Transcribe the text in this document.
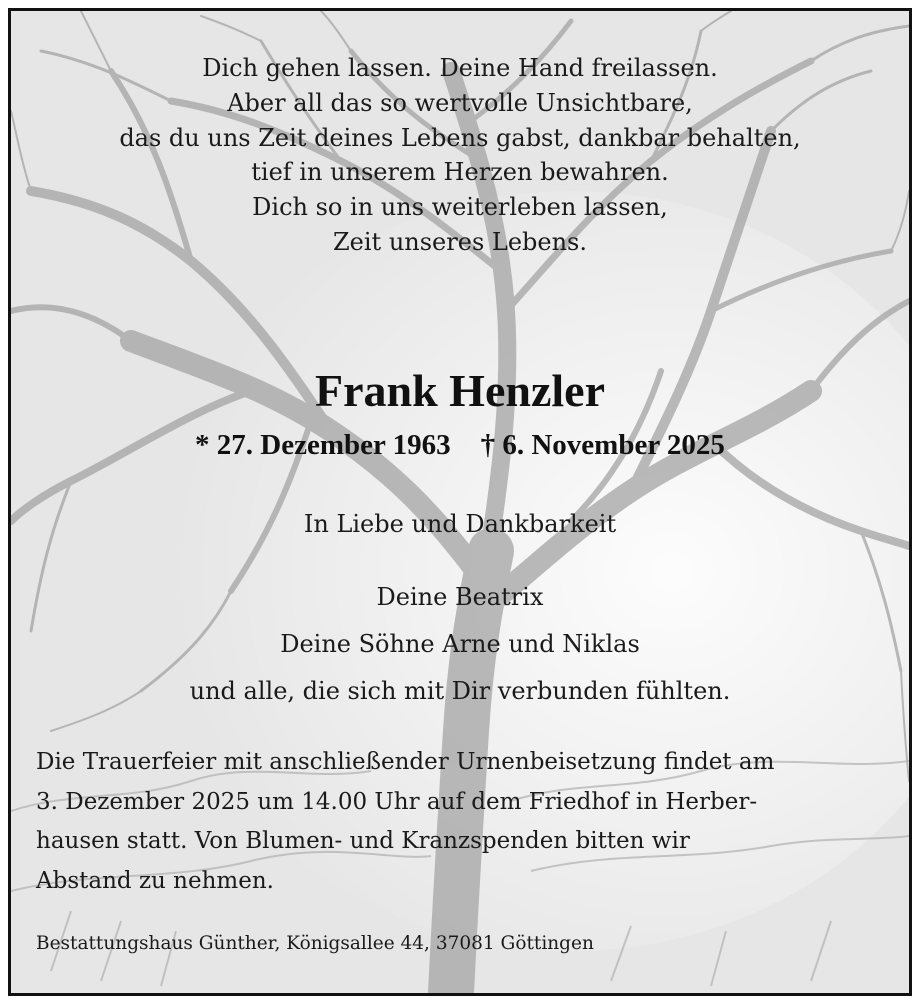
Dich gehen lassen. Deine Hand freilassen.
Aber all das so wertvolle Unsichtbare,
das du uns Zeit deines Lebens gabst, dankbar behalten,
tief in unserem Herzen bewahren.
Dich so in uns weiterleben lassen,
Zeit unseres Lebens.
Frank Henzler
* 27. Dezember 1963 † 6. November 2025
In Liebe und Dankbarkeit
Deine Beatrix
Deine Söhne Arne und Niklas
und alle, die sich mit Dir verbunden fühlten.
Die Trauerfeier mit anschließender Urnenbeisetzung findet am
3. Dezember 2025 um 14.00 Uhr auf dem Friedhof in Herber-
hausen statt. Von Blumen- und Kranzspenden bitten wir
Abstand zu nehmen.
Bestattungshaus Günther, Königsallee 44, 37081 Göttingen
